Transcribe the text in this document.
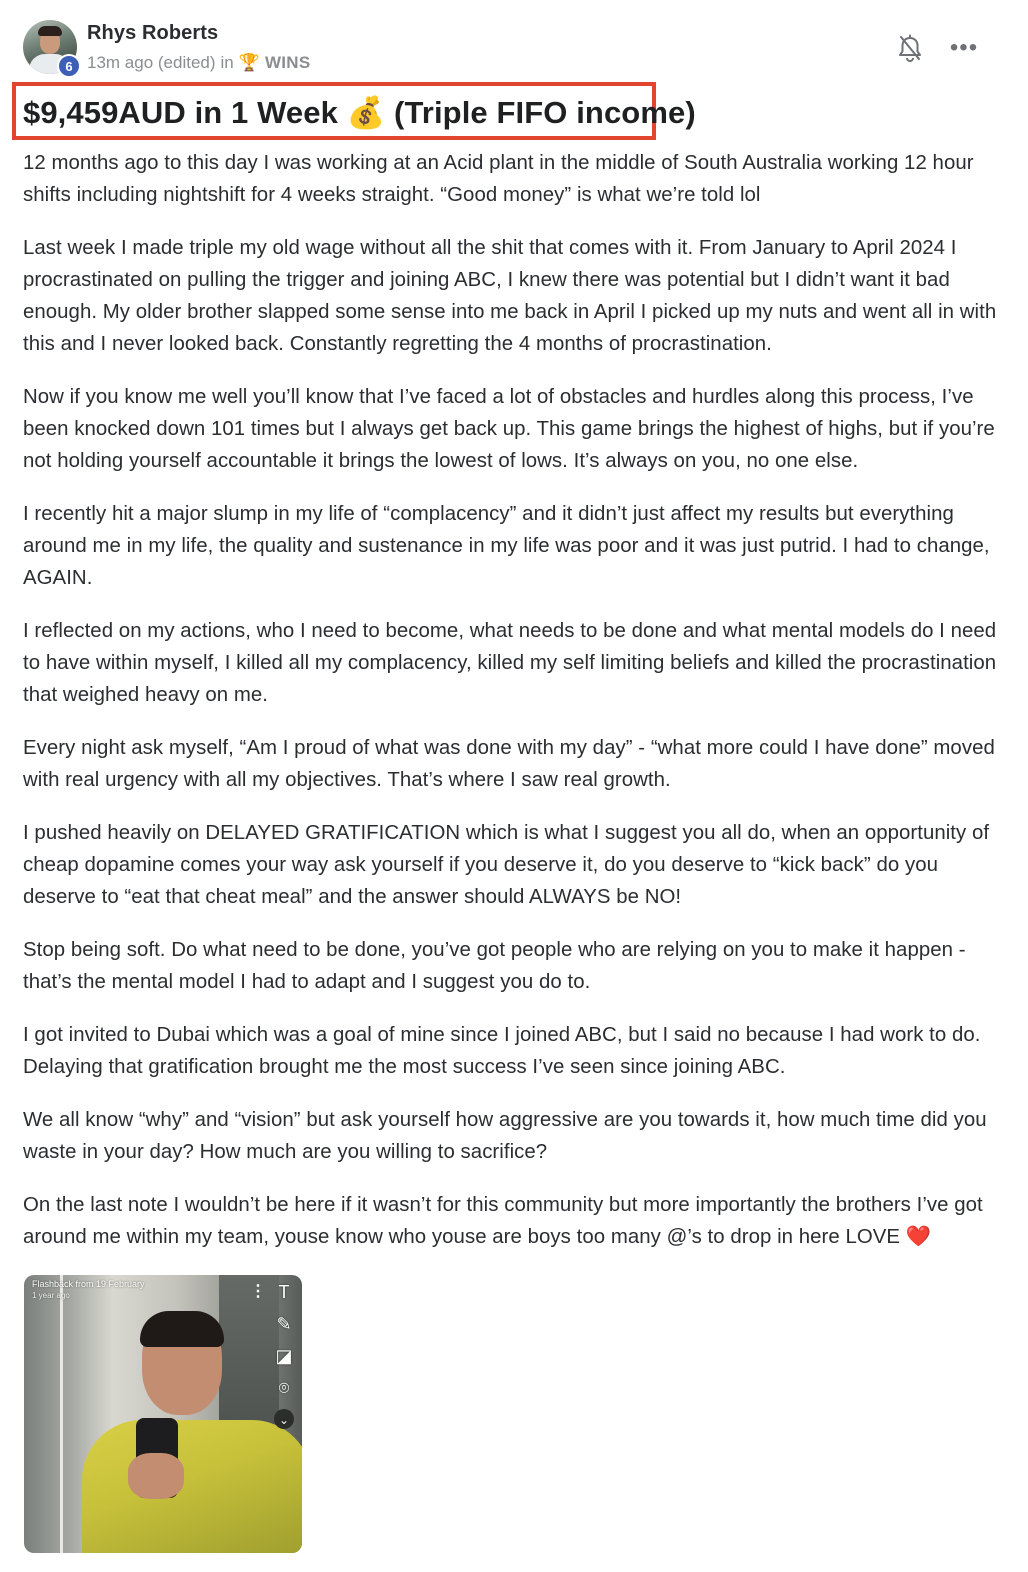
6
Rhys Roberts
13m ago (edited) in 🏆 WINS
•••
$9,459AUD in 1 Week 💰 (Triple FIFO income)

12 months ago to this day I was working at an Acid plant in the middle of South Australia working 12 hour shifts including nightshift for 4 weeks straight. “Good money” is what we’re told lol

Last week I made triple my old wage without all the shit that comes with it. From January to April 2024 I procrastinated on pulling the trigger and joining ABC, I knew there was potential but I didn’t want it bad enough. My older brother slapped some sense into me back in April I picked up my nuts and went all in with this and I never looked back. Constantly regretting the 4 months of procrastination.

Now if you know me well you’ll know that I’ve faced a lot of obstacles and hurdles along this process, I’ve been knocked down 101 times but I always get back up. This game brings the highest of highs, but if you’re not holding yourself accountable it brings the lowest of lows. It’s always on you, no one else.

I recently hit a major slump in my life of “complacency” and it didn’t just affect my results but everything around me in my life, the quality and sustenance in my life was poor and it was just putrid. I had to change, AGAIN.

I reflected on my actions, who I need to become, what needs to be done and what mental models do I need to have within myself, I killed all my complacency, killed my self limiting beliefs and killed the procrastination that weighed heavy on me.

Every night ask myself, “Am I proud of what was done with my day” - “what more could I have done” moved with real urgency with all my objectives. That’s where I saw real growth.

I pushed heavily on DELAYED GRATIFICATION which is what I suggest you all do, when an opportunity of cheap dopamine comes your way ask yourself if you deserve it, do you deserve to “kick back” do you deserve to “eat that cheat meal” and the answer should ALWAYS be NO!

Stop being soft. Do what need to be done, you’ve got people who are relying on you to make it happen - that’s the mental model I had to adapt and I suggest you do to.

I got invited to Dubai which was a goal of mine since I joined ABC, but I said no because I had work to do. Delaying that gratification brought me the most success I’ve seen since joining ABC.

We all know “why” and “vision” but ask yourself how aggressive are you towards it, how much time did you waste in your day? How much are you willing to sacrifice?

On the last note I wouldn’t be here if it wasn’t for this community but more importantly the brothers I’ve got around me within my team, youse know who youse are boys too many @’s to drop in here LOVE ❤️

Flashback from 19 February
1 year ago	⋮ T
✎
◪
⌾
⌄
